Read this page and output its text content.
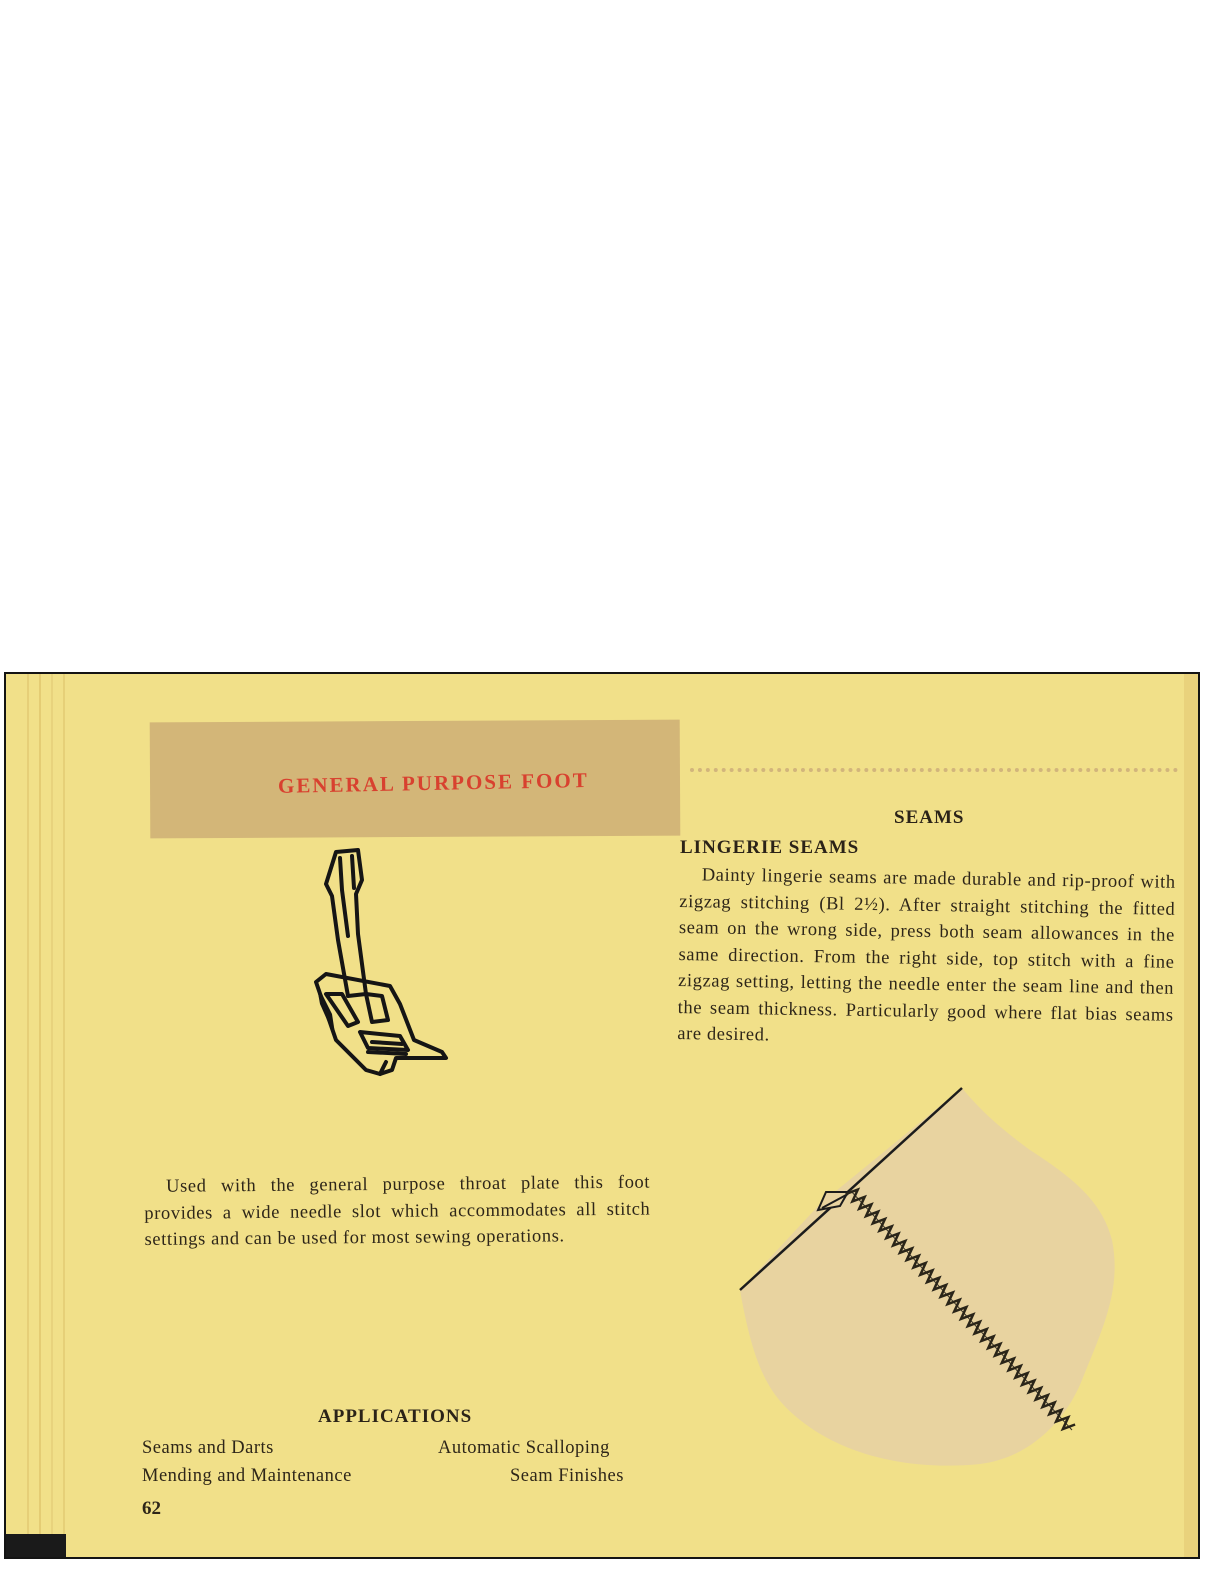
GENERAL PURPOSE FOOT

Used with the general purpose throat plate this foot provides a wide needle slot which accommodates all stitch settings and can be used for most sewing operations.

APPLICATIONS
Seams and Darts
Mending and Maintenance
Automatic Scalloping
Seam Finishes
62
SEAMS
LINGERIE SEAMS

Dainty lingerie seams are made durable and rip-proof with zigzag stitching (Bl 2½). After straight stitching the fitted seam on the wrong side, press both seam allowances in the same direction. From the right side, top stitch with a fine zigzag setting, letting the needle enter the seam line and then the seam thickness. Particularly good where flat bias seams are desired.
